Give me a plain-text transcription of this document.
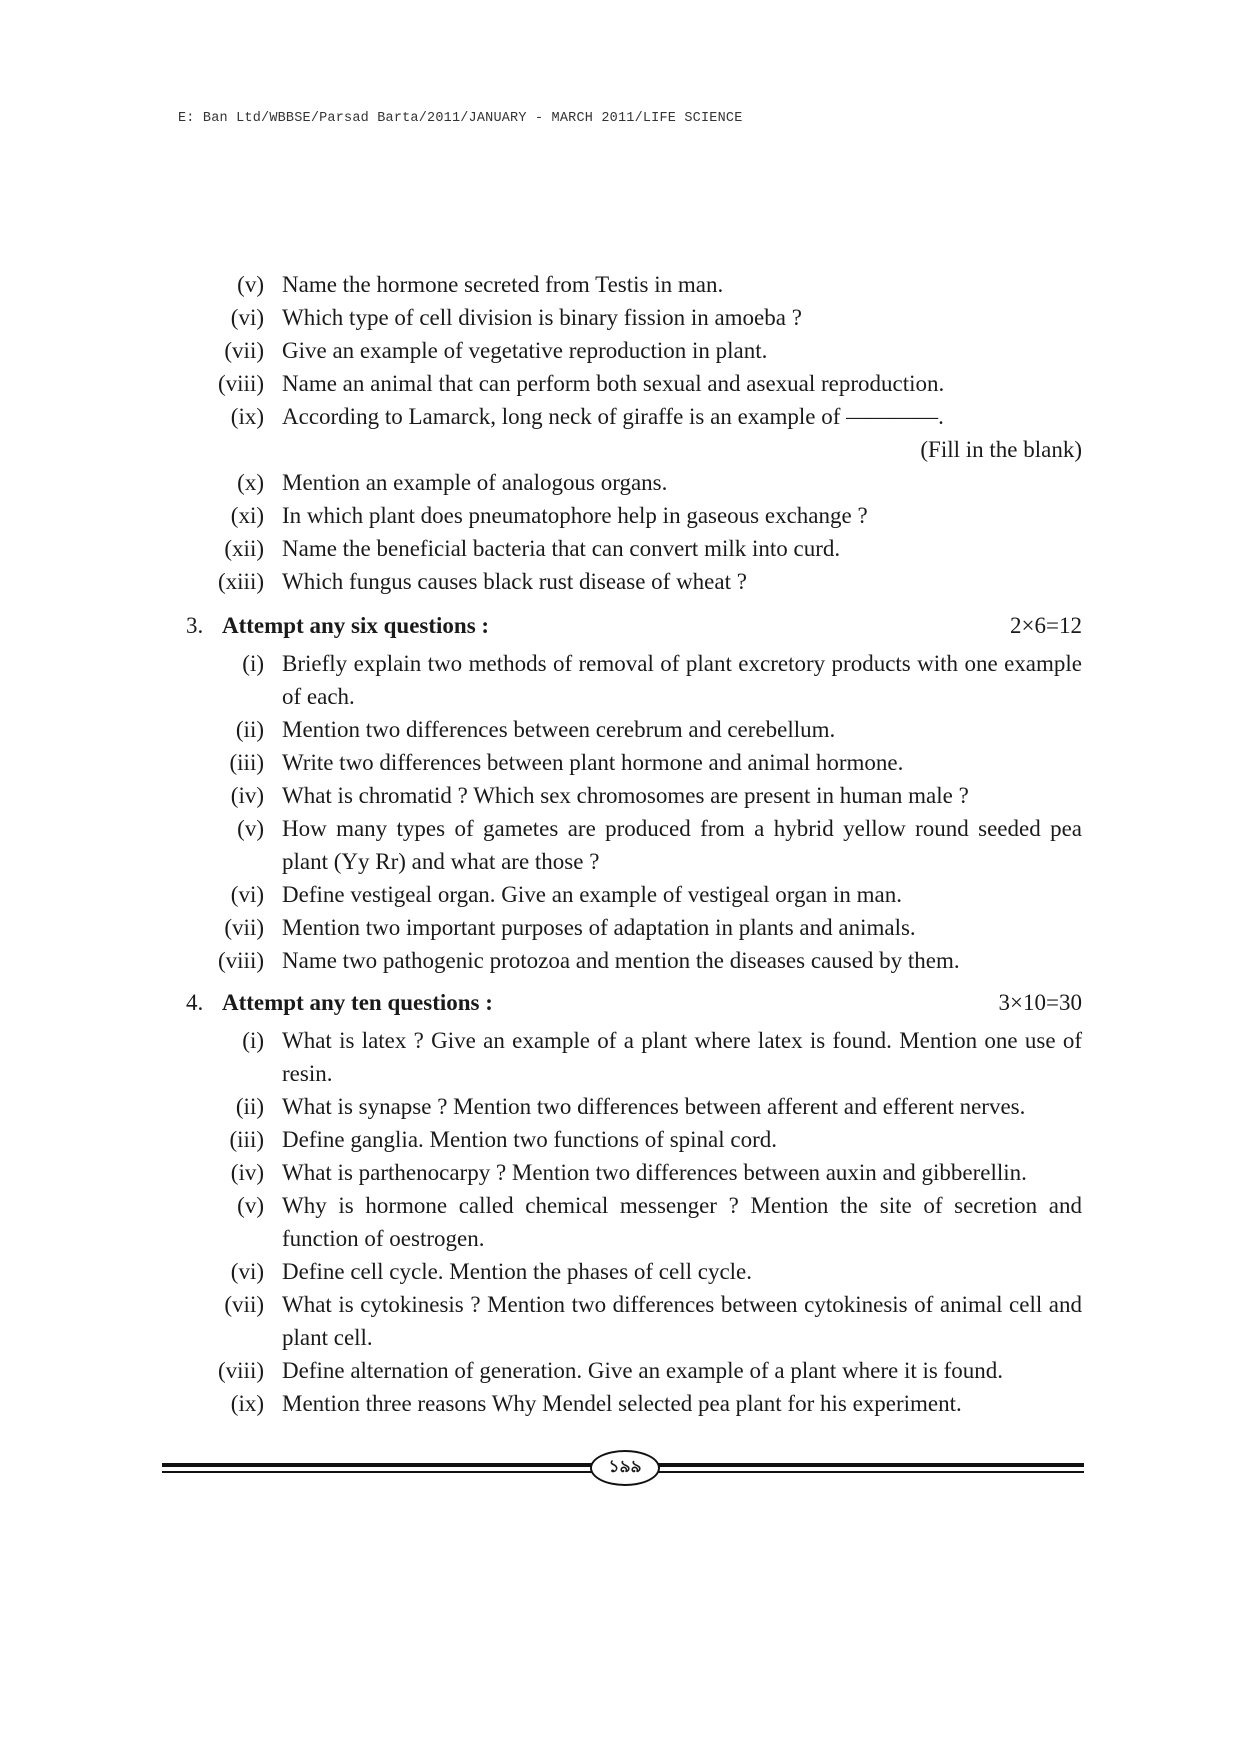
E: Ban Ltd/WBBSE/Parsad Barta/2011/JANUARY - MARCH 2011/LIFE SCIENCE
(v) Name the hormone secreted from Testis in man.
(vi) Which type of cell division is binary fission in amoeba ?
(vii) Give an example of vegetative reproduction in plant.
(viii) Name an animal that can perform both sexual and asexual reproduction.
(ix) According to Lamarck, long neck of giraffe is an example of ————.
(Fill in the blank)
(x) Mention an example of analogous organs.
(xi) In which plant does pneumatophore help in gaseous exchange ?
(xii) Name the beneficial bacteria that can convert milk into curd.
(xiii) Which fungus causes black rust disease of wheat ?
3. Attempt any six questions :	2×6=12
(i) Briefly explain two methods of removal of plant excretory products with one example of each.
(ii) Mention two differences between cerebrum and cerebellum.
(iii) Write two differences between plant hormone and animal hormone.
(iv) What is chromatid ? Which sex chromosomes are present in human male ?
(v) How many types of gametes are produced from a hybrid yellow round seeded pea plant (Yy Rr) and what are those ?
(vi) Define vestigeal organ. Give an example of vestigeal organ in man.
(vii) Mention two important purposes of adaptation in plants and animals.
(viii) Name two pathogenic protozoa and mention the diseases caused by them.
4. Attempt any ten questions :	3×10=30
(i) What is latex ? Give an example of a plant where latex is found. Mention one use of resin.
(ii) What is synapse ? Mention two differences between afferent and efferent nerves.
(iii) Define ganglia. Mention two functions of spinal cord.
(iv) What is parthenocarpy ? Mention two differences between auxin and gibberellin.
(v) Why is hormone called chemical messenger ? Mention the site of secretion and function of oestrogen.
(vi) Define cell cycle. Mention the phases of cell cycle.
(vii) What is cytokinesis ? Mention two differences between cytokinesis of animal cell and plant cell.
(viii) Define alternation of generation. Give an example of a plant where it is found.
(ix) Mention three reasons Why Mendel selected pea plant for his experiment.
১৯৯
